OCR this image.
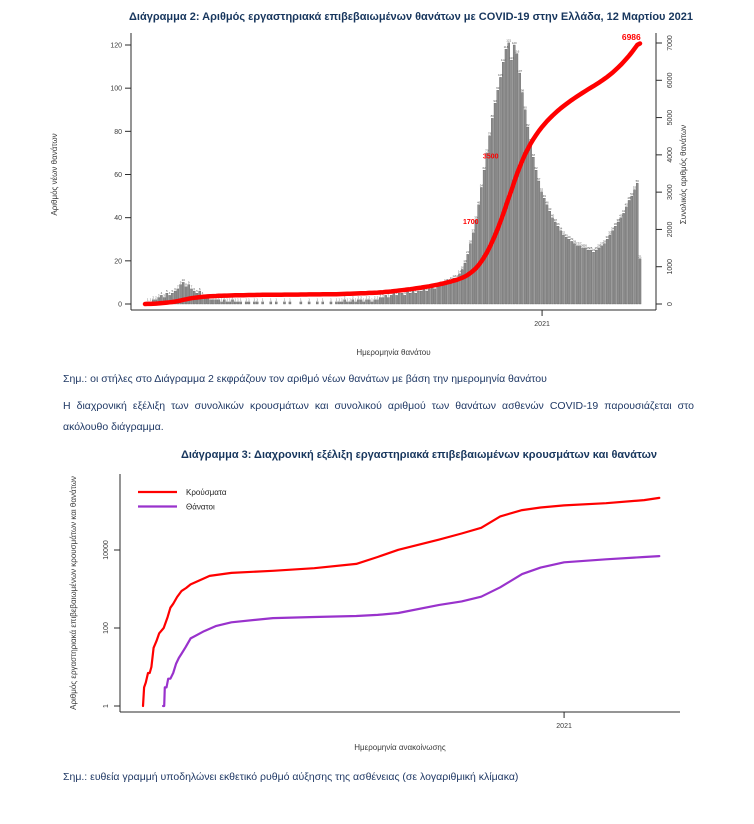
Διάγραμμα 2: Αριθμός εργαστηριακά επιβεβαιωμένων θανάτων με COVID-19 στην Ελλάδα, 12 Μαρτίου 2021
0
20
40
60
80
100
120
0
1000
2000
3000
4000
5000
6000
7000
2021
Αριθμός νέων θανάτων	Συνολικός αριθμός θανάτων
Ημερομηνία θανάτου
1 1
2 2
3
4
3
5
4
5
6
7
9
10
8
9
7
6
5
6
4
3 3
2 2 2 2
1
2
1 1
2
1 1 1 1 1 1 1 1 1 1 1 1	1 1 1 1 1 1 1 1
2
1 1
2
1
2 2
1
2 2
1
2 2
3 3
4
3
4
5
4
5 5
4
6
5
6
5
6 6
7
6
7
8
7
8
9 9
10 10
11
12 12
14
16
19
23
28
33
39
46
54
62
70
78
86
93
99
105
112
118
121
113
120
116
107
98
90
82
75
68
62
57
52
49
46
43
40
38
36
34
32
31
30
29
28
27 27
26 26
25 25
24
25
26
27
28
30
32
34
36
38
40
42
45
48
50
53
56
21
6986
3500
1700
Σημ.: οι στήλες στο Διάγραμμα 2 εκφράζουν τον αριθμό νέων θανάτων με βάση την ημερομηνία θανάτου
Η διαχρονική εξέλιξη των συνολικών κρουσμάτων και συνολικού αριθμού των θανάτων ασθενών COVID-19 παρουσιάζεται στο ακόλουθο διάγραμμα.
Διάγραμμα 3: Διαχρονική εξέλιξη εργαστηριακά επιβεβαιωμένων κρουσμάτων και θανάτων
1
100
10000
2021
Αριθμός εργαστηριακά επιβεβαιωμένων κρουσμάτων και θανάτων
Ημερομηνία ανακοίνωσης
Κρούσματα
Θάνατοι
Σημ.: ευθεία γραμμή υποδηλώνει εκθετικό ρυθμό αύξησης της ασθένειας (σε λογαριθμική κλίμακα)
